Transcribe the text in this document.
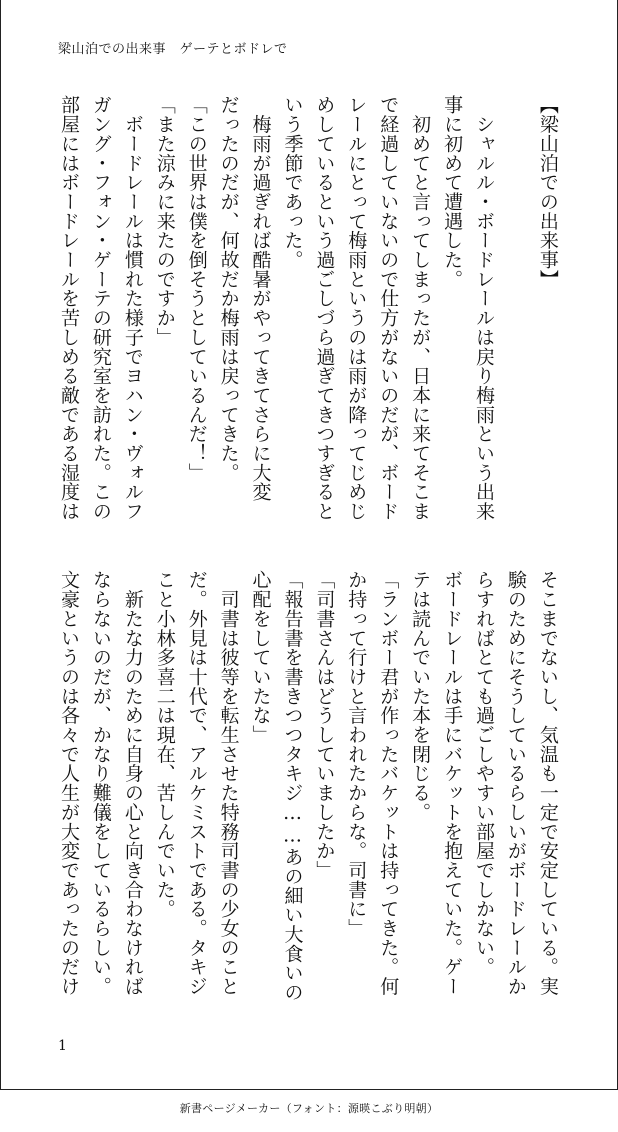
梁山泊での出来事　ゲーテとボドレで
【梁山泊での出来事】
　シャルル・ボードレールは戻り梅雨という出来
事に初めて遭遇した。
　初めてと言ってしまったが、日本に来てそこま
で経過していないので仕方がないのだが、ボード
レールにとって梅雨というのは雨が降ってじめじ
めしているという過ごしづら過ぎてきつすぎると
いう季節であった。
　梅雨が過ぎれば酷暑がやってきてさらに大変
だったのだが、何故だか梅雨は戻ってきた。
「この世界は僕を倒そうとしているんだ！」
「また涼みに来たのですか」
　ボードレールは慣れた様子でヨハン・ヴォルフ
ガング・フォン・ゲーテの研究室を訪れた。この
部屋にはボードレールを苦しめる敵である湿度は
そこまでないし、気温も一定で安定している。実
験のためにそうしているらしいがボードレールか
らすればとても過ごしやすい部屋でしかない。
ボードレールは手にバケットを抱えていた。ゲー
テは読んでいた本を閉じる。
「ランボー君が作ったバケットは持ってきた。何
か持って行けと言われたからな。司書に」
「司書さんはどうしていましたか」
「報告書を書きつつタキジ……あの細い大食いの
心配をしていたな」
　司書は彼等を転生させた特務司書の少女のこと
だ。外見は十代で、アルケミストである。タキジ
こと小林多喜二は現在、苦しんでいた。
　新たな力のために自身の心と向き合わなければ
ならないのだが、かなり難儀をしているらしい。
文豪というのは各々で人生が大変であったのだけ
1
新書ページメーカー（フォント：源暎こぶり明朝）
